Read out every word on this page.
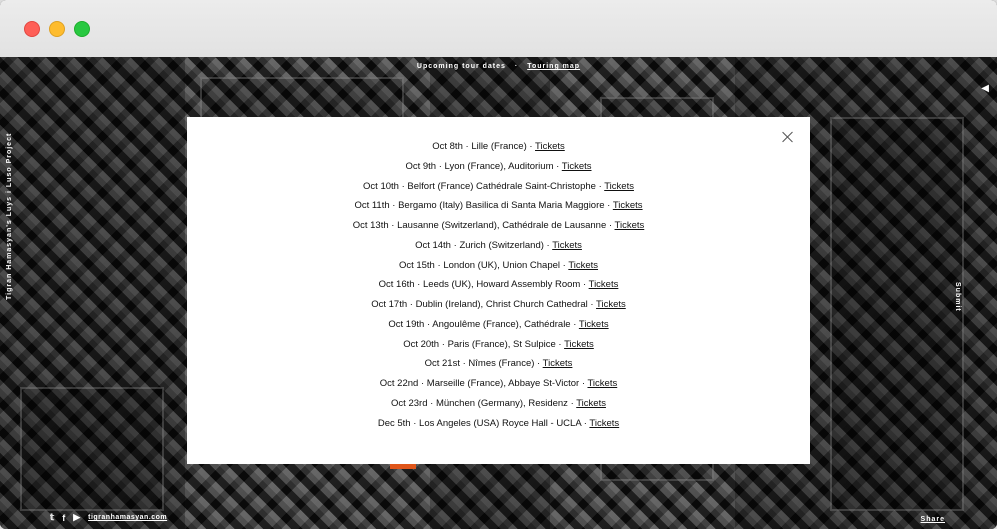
Upcoming tour dates · Touring map
Tigran Hamasyan's Luys i Luso Project
◀
Submit
𝕥 f ▶ tigranhamasyan.com	Share
Oct 8th · Lille (France) · Tickets
Oct 9th · Lyon (France), Auditorium · Tickets
Oct 10th · Belfort (France) Cathédrale Saint-Christophe · Tickets
Oct 11th · Bergamo (Italy) Basilica di Santa Maria Maggiore · Tickets
Oct 13th · Lausanne (Switzerland), Cathédrale de Lausanne · Tickets
Oct 14th · Zurich (Switzerland) · Tickets
Oct 15th · London (UK), Union Chapel · Tickets
Oct 16th · Leeds (UK), Howard Assembly Room · Tickets
Oct 17th · Dublin (Ireland), Christ Church Cathedral · Tickets
Oct 19th · Angoulême (France), Cathédrale · Tickets
Oct 20th · Paris (France), St Sulpice · Tickets
Oct 21st · Nîmes (France) · Tickets
Oct 22nd · Marseille (France), Abbaye St-Victor · Tickets
Oct 23rd · München (Germany), Residenz · Tickets
Dec 5th · Los Angeles (USA) Royce Hall - UCLA · Tickets
